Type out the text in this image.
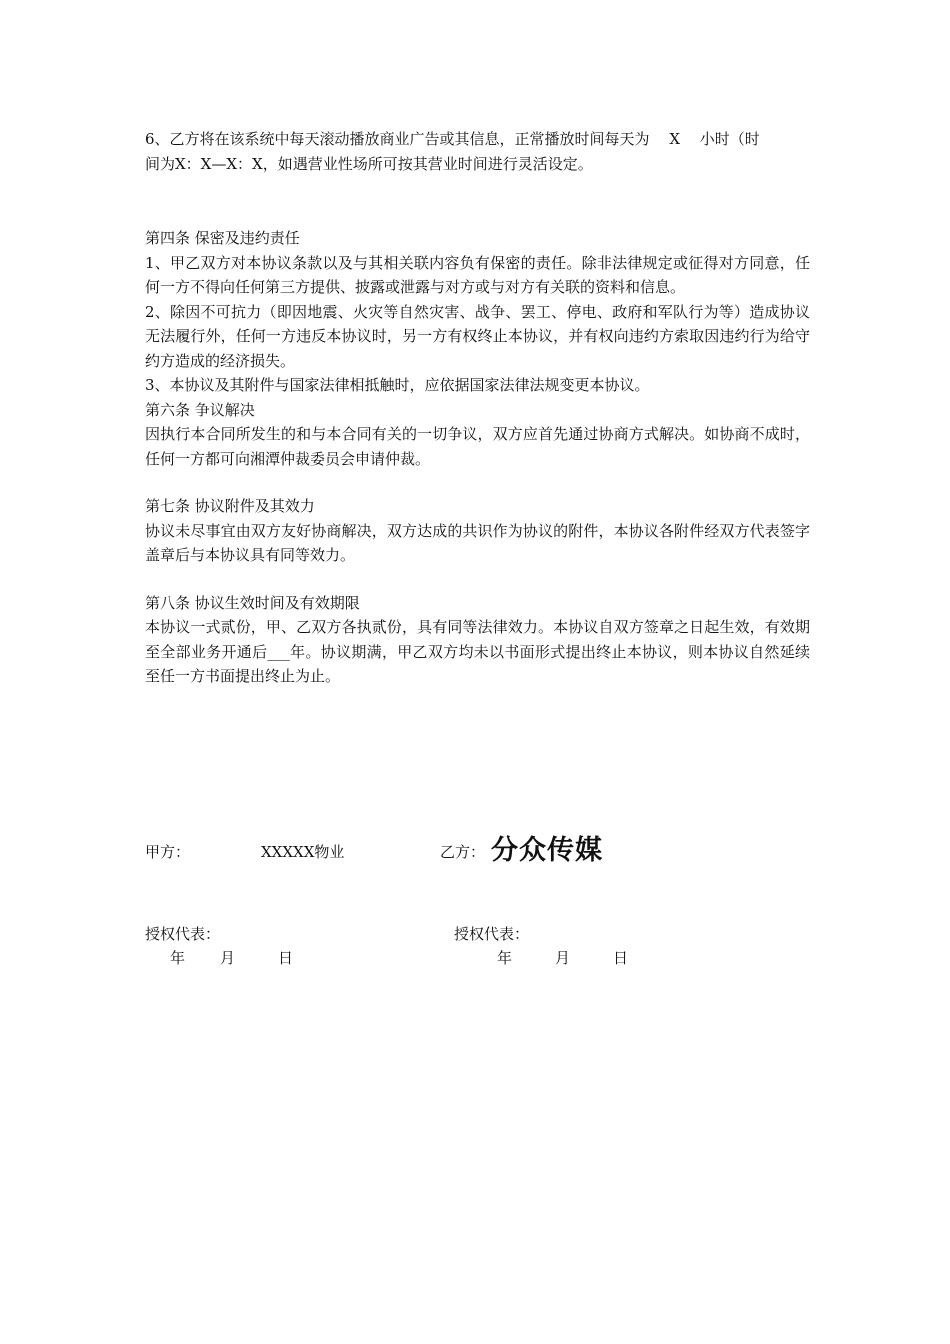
6、乙方将在该系统中每天滚动播放商业广告或其信息，正常播放时间每天为　 X　 小时（时

间为X：X—X：X，如遇营业性场所可按其营业时间进行灵活设定。

第四条 保密及违约责任

1、甲乙双方对本协议条款以及与其相关联内容负有保密的责任。除非法律规定或征得对方同意，任何一方不得向任何第三方提供、披露或泄露与对方或与对方有关联的资料和信息。

2、除因不可抗力（即因地震、火灾等自然灾害、战争、罢工、停电、政府和军队行为等）造成协议无法履行外，任何一方违反本协议时，另一方有权终止本协议，并有权向违约方索取因违约行为给守约方造成的经济损失。

3、本协议及其附件与国家法律相抵触时，应依据国家法律法规变更本协议。

第六条 争议解决

因执行本合同所发生的和与本合同有关的一切争议，双方应首先通过协商方式解决。如协商不成时，任何一方都可向湘潭仲裁委员会申请仲裁。

第七条 协议附件及其效力

协议未尽事宜由双方友好协商解决，双方达成的共识作为协议的附件，本协议各附件经双方代表签字盖章后与本协议具有同等效力。

第八条 协议生效时间及有效期限

本协议一式贰份，甲、乙双方各执贰份，具有同等法律效力。本协议自双方签章之日起生效，有效期至全部业务开通后___年。协议期满，甲乙双方均未以书面形式提出终止本协议，则本协议自然延续至任一方书面提出终止为止。

甲方：	XXXXX物业	乙方： 分众传媒
授权代表：	授权代表：
年 月	日	年	月	日
